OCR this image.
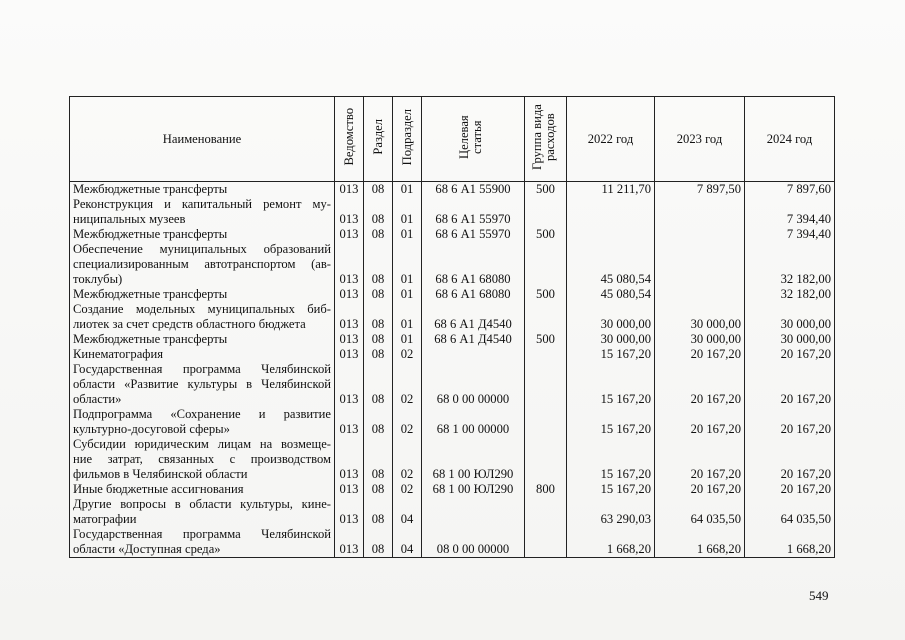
Наименование	Ведомство	Раздел	Подраздел	Целевая статья	Группа вида расходов	2022 год	2023 год	2024 год

Межбюджетные трансферты	013	08	01	68 6 А1 55900	500	11 211,70	7 897,50	7 897,60

Реконструкция и капитальный ремонт му-
ниципальных музеев	013	08	01	68 6 А1 55970				7 394,40

Межбюджетные трансферты	013	08	01	68 6 А1 55970	500			7 394,40

Обеспечение муниципальных образований
специализированным автотранспортом (ав-
токлубы)	013	08	01	68 6 А1 68080		45 080,54		32 182,00

Межбюджетные трансферты	013	08	01	68 6 А1 68080	500	45 080,54		32 182,00

Создание модельных муниципальных биб-
лиотек за счет средств областного бюджета	013	08	01	68 6 А1 Д4540		30 000,00	30 000,00	30 000,00

Межбюджетные трансферты	013	08	01	68 6 А1 Д4540	500	30 000,00	30 000,00	30 000,00

Кинематография	013	08	02			15 167,20	20 167,20	20 167,20

Государственная программа Челябинской
области «Развитие культуры в Челябинской
области»	013	08	02	68 0 00 00000		15 167,20	20 167,20	20 167,20

Подпрограмма «Сохранение и развитие
культурно-досуговой сферы»	013	08	02	68 1 00 00000		15 167,20	20 167,20	20 167,20

Субсидии юридическим лицам на возмеще-
ние затрат, связанных с производством
фильмов в Челябинской области	013	08	02	68 1 00 ЮЛ290		15 167,20	20 167,20	20 167,20

Иные бюджетные ассигнования	013	08	02	68 1 00 ЮЛ290	800	15 167,20	20 167,20	20 167,20

Другие вопросы в области культуры, кине-
матографии	013	08	04			63 290,03	64 035,50	64 035,50

Государственная программа Челябинской
области «Доступная среда»	013	08	04	08 0 00 00000		1 668,20	1 668,20	1 668,20
549
